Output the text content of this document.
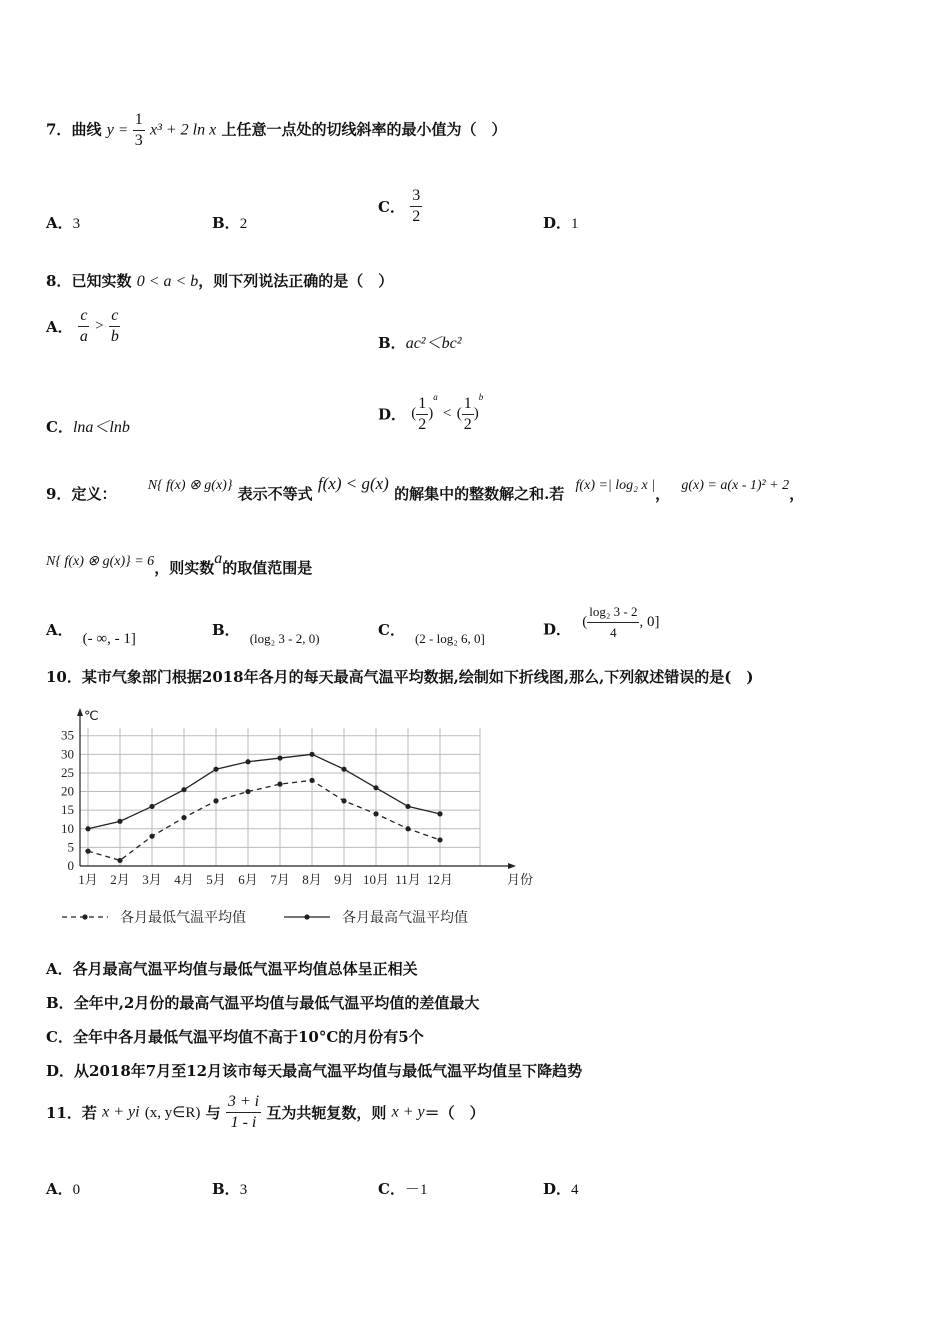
7．曲线 $y = \frac{1}{3} x^3 + 2$ ln x 上任意一点处的切线斜率的最小值为（　）
A．3	B．2
C． $\frac{3}{2}$	D．1
8．已知实数 0 < a < b，则下列说法正确的是（　）
A． $\frac{c}{a} > \frac{c}{b}$	B．ac²＜bc²
C．lna＜lnb
D． ( $\frac{1}{2} )^a$ < ( $\frac{1}{2} )^b$
9．定义： N{ f(x) ⊗ g(x)} 表示不等式 f(x) < g(x) 的解集中的整数解之和.若 f(x) =| log₂ x |， g(x) = a(x - 1)² + 2，
N{ f(x) ⊗ g(x)} = 6，则实数a的取值范围是
A． (- ∞, - 1]	B． (log₂ 3 - 2, 0)	C． (2 - log₂ 6, 0]	D． ( $\frac{\text{log₂ 3 - 2}}{4}$ , 0]
10．某市气象部门根据2018年各月的每天最高气温平均数据,绘制如下折线图,那么,下列叙述错误的是(　)
0
5
10
15
20
25
30
35
℃
1月 2月 3月 4月 5月 6月 7月 8月 9月 10月 11月 12月	月份
各月最低气温平均值	各月最高气温平均值
A．各月最高气温平均值与最低气温平均值总体呈正相关
B．全年中,2月份的最高气温平均值与最低气温平均值的差值最大
C．全年中各月最低气温平均值不高于10°C的月份有5个
D．从2018年7月至12月该市每天最高气温平均值与最低气温平均值呈下降趋势
11．若 x + yi (x, y∈R) 与 $\frac{3 + i}{1 - i}$ 互为共轭复数，则 x + y＝（　）
A．0	B．3	C．－1	D．4
